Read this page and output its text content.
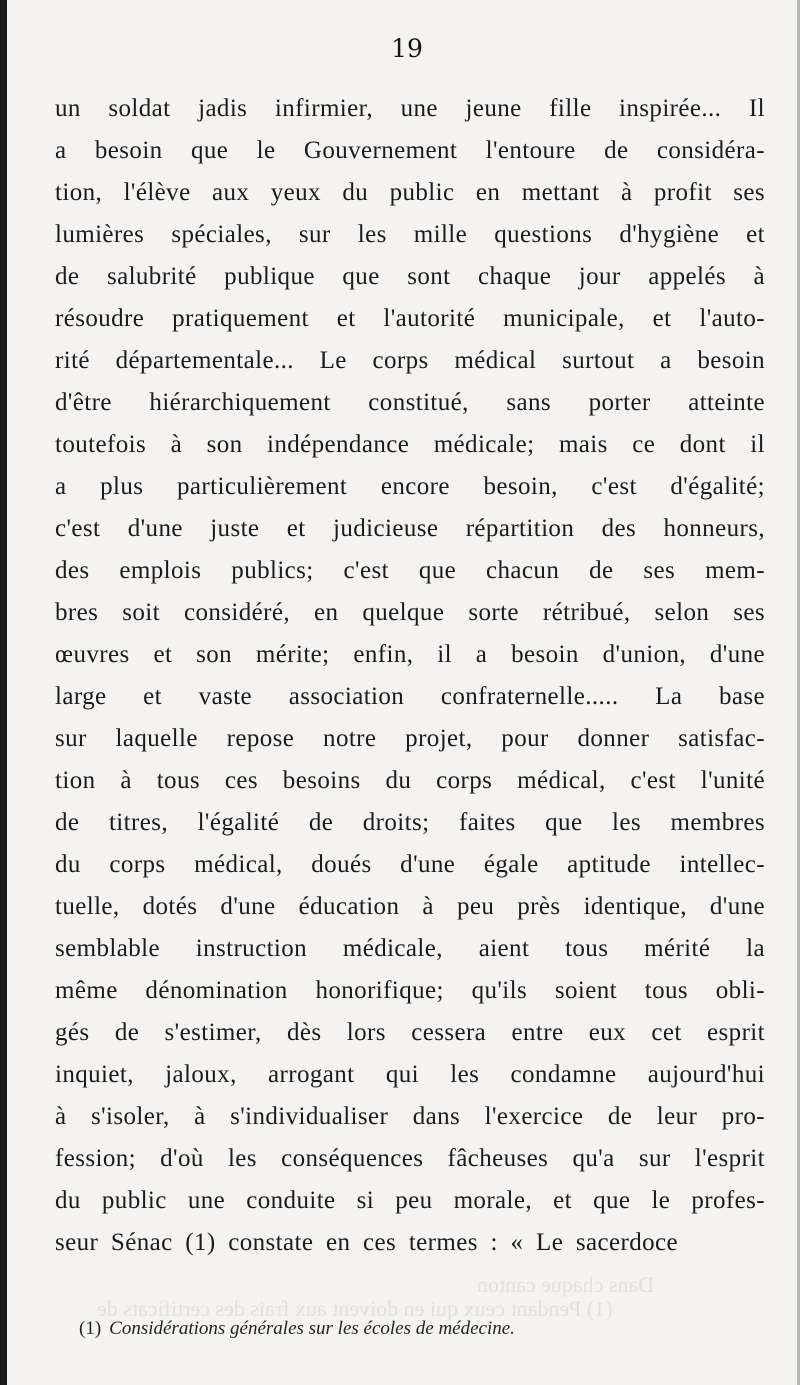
Dans chaque canton
(1) Pendant ceux qui en doivent aux frais des certificats de
19
un soldat jadis infirmier, une jeune fille inspirée... Il
a besoin que le Gouvernement l'entoure de considéra-
tion, l'élève aux yeux du public en mettant à profit ses
lumières spéciales, sur les mille questions d'hygiène et
de salubrité publique que sont chaque jour appelés à
résoudre pratiquement et l'autorité municipale, et l'auto-
rité départementale... Le corps médical surtout a besoin
d'être hiérarchiquement constitué, sans porter atteinte
toutefois à son indépendance médicale; mais ce dont il
a plus particulièrement encore besoin, c'est d'égalité;
c'est d'une juste et judicieuse répartition des honneurs,
des emplois publics; c'est que chacun de ses mem-
bres soit considéré, en quelque sorte rétribué, selon ses
œuvres et son mérite; enfin, il a besoin d'union, d'une
large et vaste association confraternelle..... La base
sur laquelle repose notre projet, pour donner satisfac-
tion à tous ces besoins du corps médical, c'est l'unité
de titres, l'égalité de droits; faites que les membres
du corps médical, doués d'une égale aptitude intellec-
tuelle, dotés d'une éducation à peu près identique, d'une
semblable instruction médicale, aient tous mérité la
même dénomination honorifique; qu'ils soient tous obli-
gés de s'estimer, dès lors cessera entre eux cet esprit
inquiet, jaloux, arrogant qui les condamne aujourd'hui
à s'isoler, à s'individualiser dans l'exercice de leur pro-
fession; d'où les conséquences fâcheuses qu'a sur l'esprit
du public une conduite si peu morale, et que le profes-
seur Sénac (1) constate en ces termes : « Le sacerdoce
(1) Considérations générales sur les écoles de médecine.
